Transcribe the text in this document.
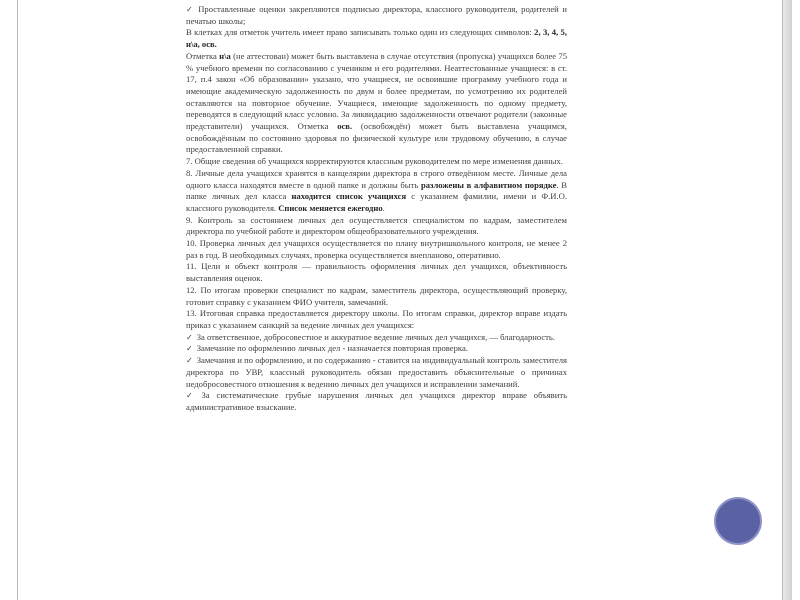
✓ Проставленные оценки закрепляются подписью директора, классного руководителя, родителей и печатью школы;

В клетках для отметок учитель имеет право записывать только один из следующих символов: 2, 3, 4, 5, н\а, осв.

Отметка н\а (не аттестован) может быть выставлена в случае отсутствия (пропуска) учащихся более 75 % учебного времени по согласованию с учеником и его родителями. Неаттестованные учащиеся: в ст. 17, п.4 закон «Об образовании» указано, что учащиеся, не освоившие программу учебного года и имеющие академическую задолженность по двум и более предметам, по усмотрению их родителей оставляются на повторное обучение. Учащиеся, имеющие задолженность по одному предмету, переводятся в следующий класс условно. За ликвидацию задолженности отвечают родители (законные представители) учащихся. Отметка осв. (освобождён) может быть выставлена учащимся, освобождённым по состоянию здоровья по физической культуре или трудовому обучению, в случае предоставленной справки.

7. Общие сведения об учащихся корректируются классным руководителем по мере изменения данных.

8. Личные дела учащихся хранятся в канцелярии директора в строго отведённом месте. Личные дела одного класса находятся вместе в одной папке и должны быть разложены в алфавитном порядке. В папке личных дел класса находится список учащихся с указанием фамилии, имени и Ф.И.О. классного руководителя. Список меняется ежегодно.

9. Контроль за состоянием личных дел осуществляется специалистом по кадрам, заместителем директора по учебной работе и директором общеобразовательного учреждения.

10. Проверка личных дел учащихся осуществляется по плану внутришкольного контроля, не менее 2 раз в год. В необходимых случаях, проверка осуществляется внепланово, оперативно.

11. Цели и объект контроля — правильность оформления личных дел учащихся, объективность выставления оценок.

12. По итогам проверки специалист по кадрам, заместитель директора, осуществляющий проверку, готовит справку с указанием ФИО учителя, замечаний.

13. Итоговая справка предоставляется директору школы. По итогам справки, директор вправе издать приказ с указанием санкций за ведение личных дел учащихся:

✓ За ответственное, добросовестное и аккуратное ведение личных дел учащихся, — благодарность.

✓ Замечание по оформлению личных дел - назначается повторная проверка.

✓ Замечания и по оформлению, и по содержанию - ставится на индивидуальный контроль заместителя директора по УВР, классный руководитель обязан предоставить объяснительные о причинах недобросовестного отношения к ведению личных дел учащихся и исправлении замечаний.

✓ За систематические грубые нарушения личных дел учащихся директор вправе объявить административное взыскание.
